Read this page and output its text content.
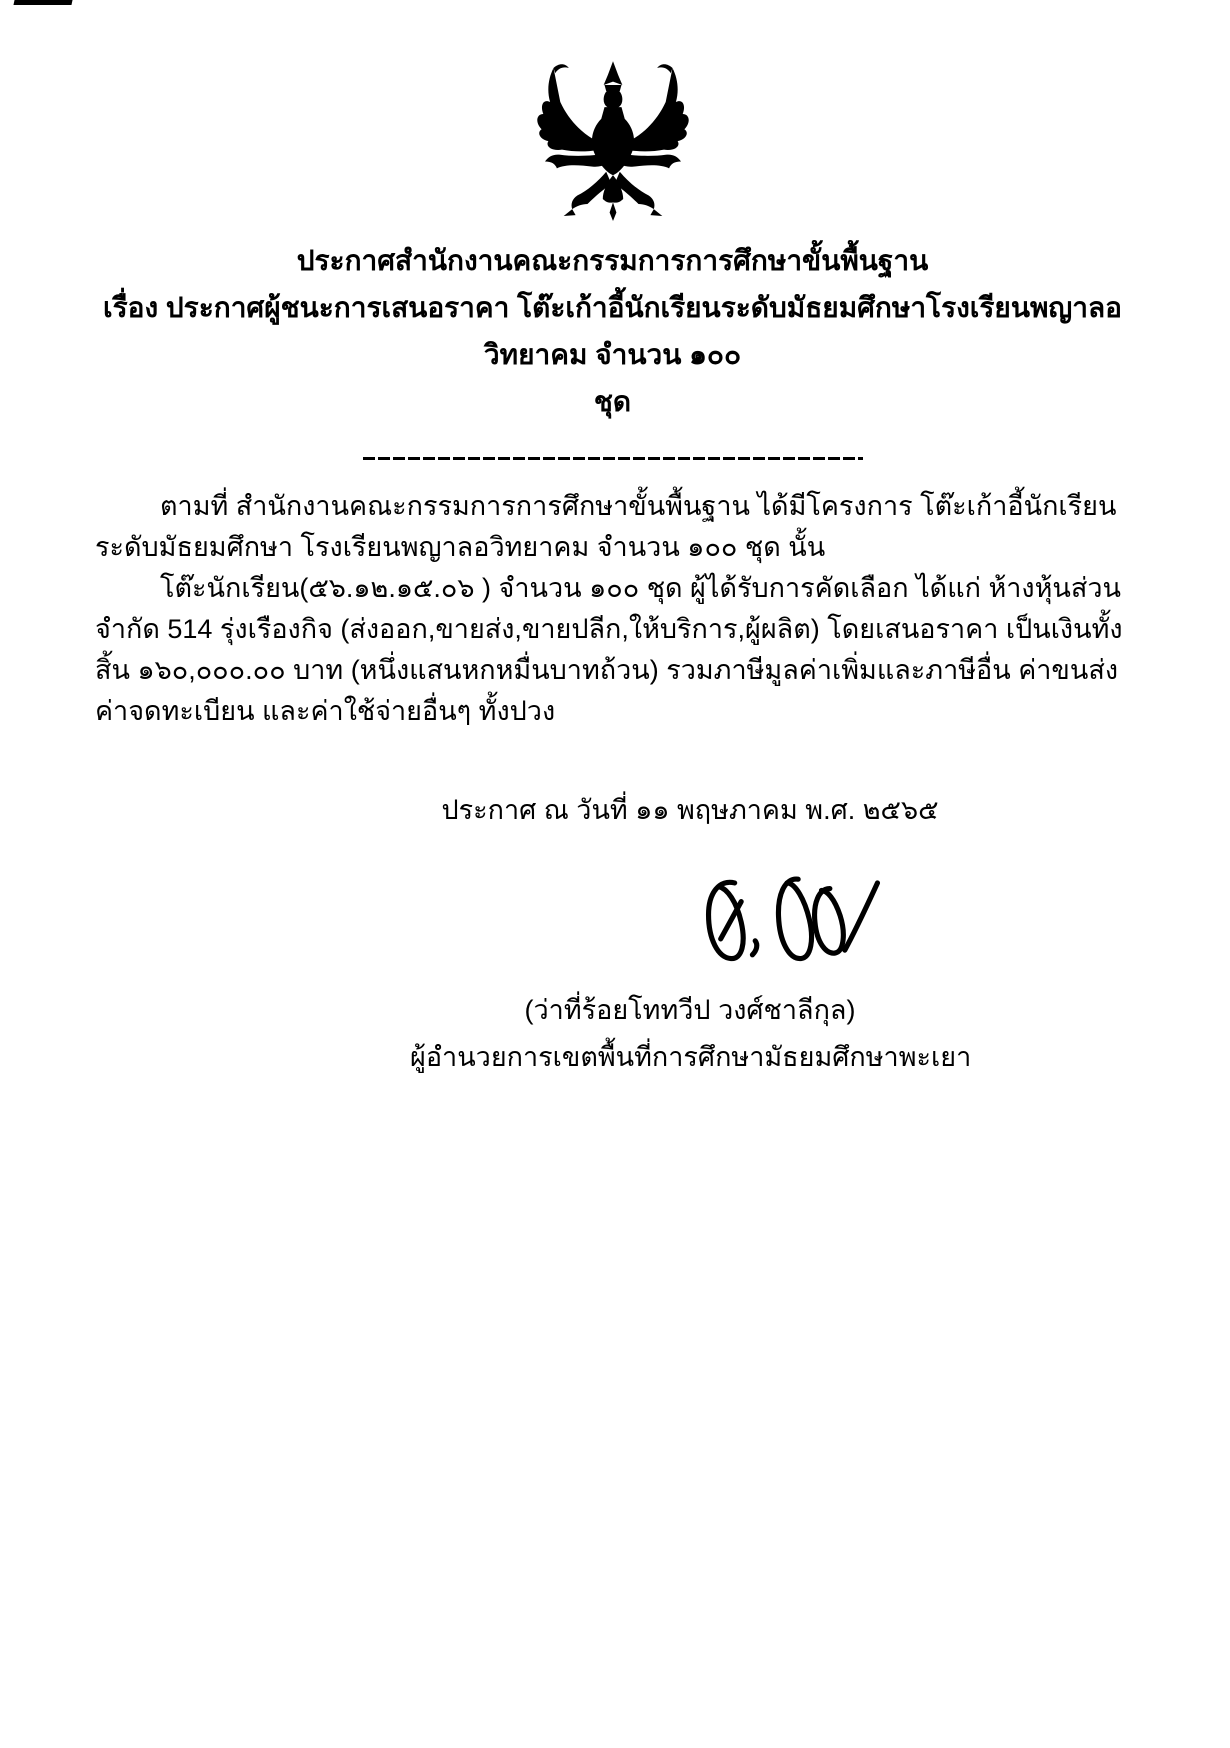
ประกาศสำนักงานคณะกรรมการการศึกษาขั้นพื้นฐาน
เรื่อง ประกาศผู้ชนะการเสนอราคา โต๊ะเก้าอี้นักเรียนระดับมัธยมศึกษาโรงเรียนพญาลอวิทยาคม จำนวน ๑๐๐
ชุด

ตามที่ สำนักงานคณะกรรมการการศึกษาขั้นพื้นฐาน ได้มีโครงการ โต๊ะเก้าอี้นักเรียนระดับมัธยมศึกษา โรงเรียนพญาลอวิทยาคม จำนวน ๑๐๐ ชุด นั้น

โต๊ะนักเรียน(๕๖.๑๒.๑๕.๐๖ ) จำนวน ๑๐๐ ชุด ผู้ได้รับการคัดเลือก ได้แก่ ห้างหุ้นส่วนจำกัด 514 รุ่งเรืองกิจ (ส่งออก,ขายส่ง,ขายปลีก,ให้บริการ,ผู้ผลิต) โดยเสนอราคา เป็นเงินทั้งสิ้น ๑๖๐,๐๐๐.๐๐ บาท (หนึ่งแสนหกหมื่นบาทถ้วน) รวมภาษีมูลค่าเพิ่มและภาษีอื่น ค่าขนส่ง ค่าจดทะเบียน และค่าใช้จ่ายอื่นๆ ทั้งปวง

ประกาศ ณ วันที่ ๑๑ พฤษภาคม พ.ศ. ๒๕๖๕

(ว่าที่ร้อยโททวีป วงศ์ชาลีกุล)
ผู้อำนวยการเขตพื้นที่การศึกษามัธยมศึกษาพะเยา
